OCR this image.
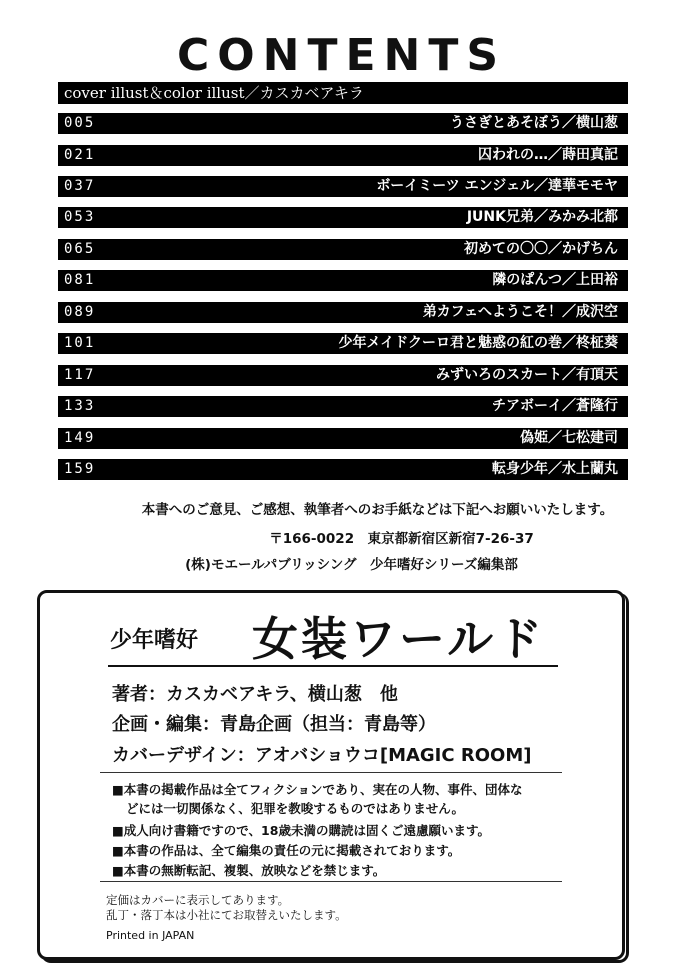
CONTENTS
cover illust＆color illust／カスカベアキラ
005	うさぎとあそぼう／横山葱
021	囚われの…／蒔田真記
037	ボーイミーツ エンジェル／達華モモヤ
053	JUNK兄弟／みかみ北都
065	初めての〇〇／かげちん
081	隣のぱんつ／上田裕
089	弟カフェへようこそ！／成沢空
101	少年メイドクーロ君と魅惑の紅の巻／柊柾葵
117	みずいろのスカート／有頂天
133	チアボーイ／蒼隆行
149	偽姫／七松建司
159	転身少年／水上蘭丸
本書へのご意見、ご感想、執筆者へのお手紙などは下記へお願いいたします。
〒166-0022　東京都新宿区新宿7-26-37
(株)モエールパブリッシング　少年嗜好シリーズ編集部
少年嗜好 女装ワールド
著者：カスカベアキラ、横山葱　他
企画・編集：青島企画（担当：青島等）
カバーデザイン：アオバショウコ[MAGIC ROOM]
■本書の掲載作品は全てフィクションであり、実在の人物、事件、団体な
どには一切関係なく、犯罪を教唆するものではありません。
■成人向け書籍ですので、18歳未満の購読は固くご遠慮願います。
■本書の作品は、全て編集の責任の元に掲載されております。
■本書の無断転記、複製、放映などを禁じます。
定価はカバーに表示してあります。
乱丁・落丁本は小社にてお取替えいたします。
Printed in JAPAN
